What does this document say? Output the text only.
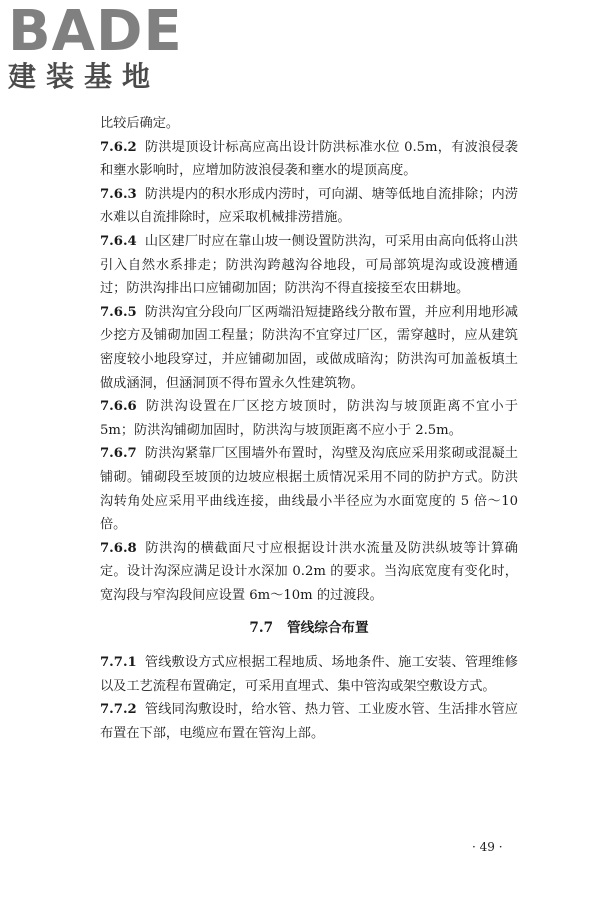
BADE
建装基地

比较后确定。

7.6.2 防洪堤顶设计标高应高出设计防洪标准水位 0.5m，有波浪侵袭和壅水影响时，应增加防波浪侵袭和壅水的堤顶高度。

7.6.3 防洪堤内的积水形成内涝时，可向湖、塘等低地自流排除；内涝水难以自流排除时，应采取机械排涝措施。

7.6.4 山区建厂时应在靠山坡一侧设置防洪沟，可采用由高向低将山洪引入自然水系排走；防洪沟跨越沟谷地段，可局部筑堤沟或设渡槽通过；防洪沟排出口应铺砌加固；防洪沟不得直接接至农田耕地。

7.6.5 防洪沟宜分段向厂区两端沿短捷路线分散布置，并应利用地形减少挖方及铺砌加固工程量；防洪沟不宜穿过厂区，需穿越时，应从建筑密度较小地段穿过，并应铺砌加固，或做成暗沟；防洪沟可加盖板填土做成涵洞，但涵洞顶不得布置永久性建筑物。

7.6.6 防洪沟设置在厂区挖方坡顶时，防洪沟与坡顶距离不宜小于 5m；防洪沟铺砌加固时，防洪沟与坡顶距离不应小于 2.5m。

7.6.7 防洪沟紧靠厂区围墙外布置时，沟壁及沟底应采用浆砌或混凝土铺砌。铺砌段至坡顶的边坡应根据土质情况采用不同的防护方式。防洪沟转角处应采用平曲线连接，曲线最小半径应为水面宽度的 5 倍～10 倍。

7.6.8 防洪沟的横截面尺寸应根据设计洪水流量及防洪纵坡等计算确定。设计沟深应满足设计水深加 0.2m 的要求。当沟底宽度有变化时，宽沟段与窄沟段间应设置 6m～10m 的过渡段。

7.7 管线综合布置

7.7.1 管线敷设方式应根据工程地质、场地条件、施工安装、管理维修以及工艺流程布置确定，可采用直埋式、集中管沟或架空敷设方式。

7.7.2 管线同沟敷设时，给水管、热力管、工业废水管、生活排水管应布置在下部，电缆应布置在管沟上部。

· 49 ·
